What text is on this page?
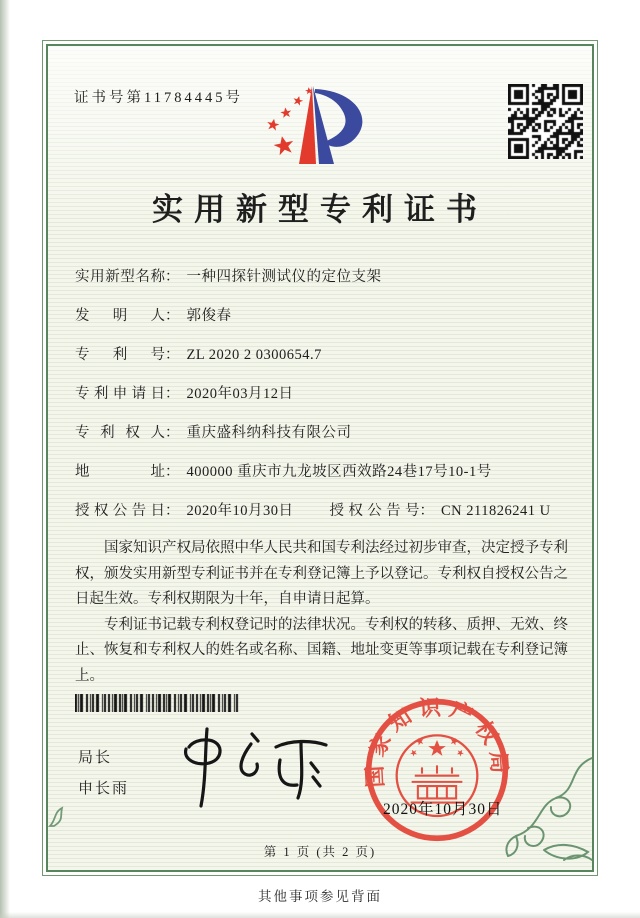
证书号第11784445号
实用新型专利证书
实用新型名称： 一种四探针测试仪的定位支架
发明人： 郭俊春
专利号： ZL 2020 2 0300654.7
专利申请日： 2020年03月12日
专利权人： 重庆盛科纳科技有限公司
地址： 400000 重庆市九龙坡区西效路24巷17号10-1号
授权公告日： 2020年10月30日 授权公告号： CN 211826241 U

国家知识产权局依照中华人民共和国专利法经过初步审查，决定授予专利权，颁发实用新型专利证书并在专利登记簿上予以登记。专利权自授权公告之日起生效。专利权期限为十年，自申请日起算。

专利证书记载专利权登记时的法律状况。专利权的转移、质押、无效、终止、恢复和专利权人的姓名或名称、国籍、地址变更等事项记载在专利登记簿上。

局长
申长雨
国家知识产权局
2020年10月30日
第 1 页 (共 2 页)
其他事项参见背面
